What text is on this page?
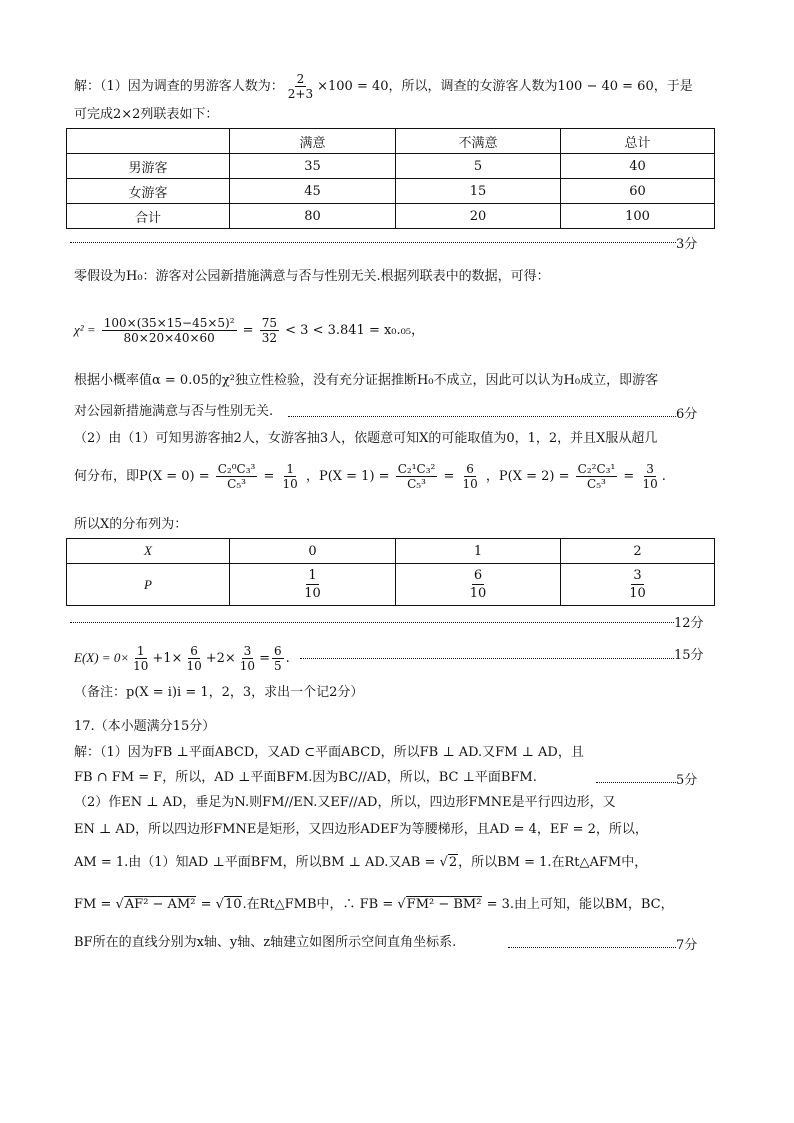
解：（1）因为调查的男游客人数为： $\frac{2}{2+3} \times 100 = 40$，所以，调查的女游客人数为100 − 40 = 60，于是
可完成2×2列联表如下：
	满意	不满意	总计
男游客	35	5	40
女游客	45	15	60
合计	80	20	100
3分
零假设为H₀：游客对公园新措施满意与否与性别无关.根据列联表中的数据，可得：
$\chi^2 = \frac{\text{100×(35×15−45×5)²}}{80\times 20\times 40\times 60} = \frac{75}{32} < 3 < 3.841 = x_0._{05}$，
根据小概率值α = 0.05的χ²独立性检验，没有充分证据推断H₀不成立，因此可以认为H₀成立，即游客
对公园新措施满意与否与性别无关.	6分
（2）由（1）可知男游客抽2人，女游客抽3人，依题意可知X的可能取值为0，1，2，并且X服从超几
何分布，即$P(X = 0) = \frac{\text{C₂⁰C₃³}}{\text{C₅³}} = \frac{1}{10}$ ，$P(X = 1) = \frac{\text{C₂¹C₃²}}{\text{C₅³}} = \frac{6}{10}$ ，$P(X = 2) = \frac{\text{C₂²C₃¹}}{\text{C₅³}} = \frac{3}{10}$ .
所以X的分布列为：
X	0	1	2
P	$\frac{1}{10}$	$\frac{6}{10}$	$\frac{3}{10}$
12分
$E(X) = 0\times \frac{1}{10} +1\times \frac{6}{10} +2\times \frac{3}{10} = \frac{6}{5}$ .	15分
（备注：p(X = i)i = 1，2，3，求出一个记2分）
17.（本小题满分15分）
解：（1）因为FB ⊥平面ABCD，又AD ⊂平面ABCD，所以FB ⊥ AD.又FM ⊥ AD，且
FB ∩ FM = F，所以，AD ⊥平面BFM.因为BC//AD，所以，BC ⊥平面BFM.	5分
（2）作EN ⊥ AD，垂足为N.则FM//EN.又EF//AD，所以，四边形FMNE是平行四边形，又
EN ⊥ AD，所以四边形FMNE是矩形，又四边形ADEF为等腰梯形，且AD = 4，EF = 2，所以，
AM = 1.由（1）知AD ⊥平面BFM，所以BM ⊥ AD.又AB = √2，所以BM = 1.在Rt△AFM中，
FM = √AF² − AM² = √10.在Rt△FMB中，∴ FB = √FM² − BM² = 3.由上可知，能以BM，BC，
BF所在的直线分别为x轴、y轴、z轴建立如图所示空间直角坐标系.	7分
